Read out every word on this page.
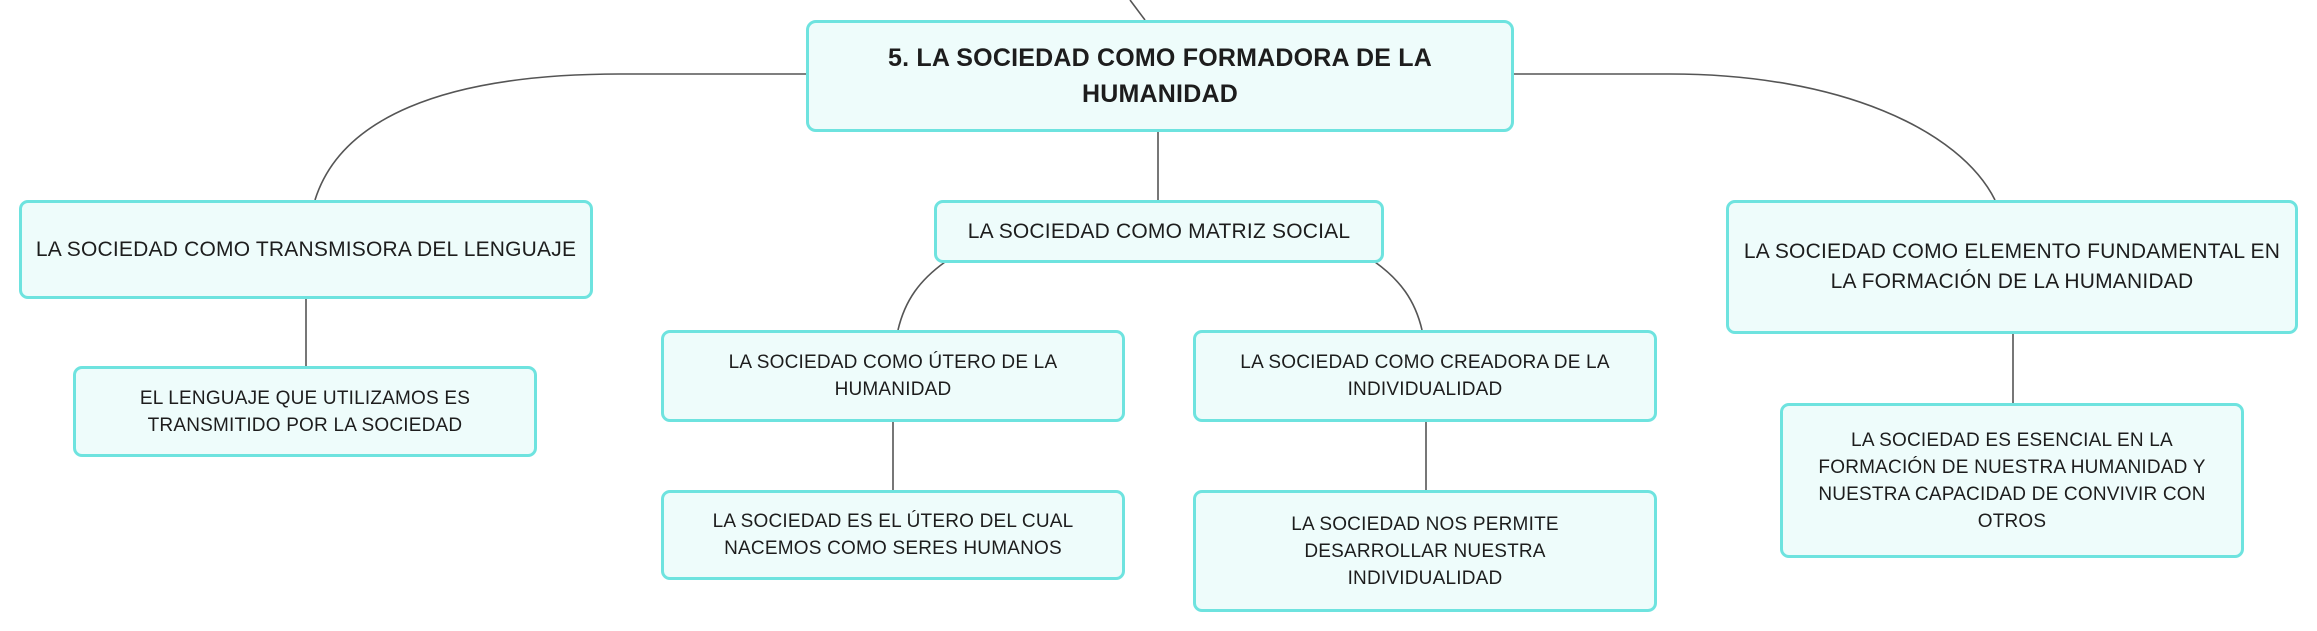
5. LA SOCIEDAD COMO FORMADORA DE LA HUMANIDAD
LA SOCIEDAD COMO TRANSMISORA DEL LENGUAJE
EL LENGUAJE QUE UTILIZAMOS ES TRANSMITIDO POR LA SOCIEDAD
LA SOCIEDAD COMO MATRIZ SOCIAL
LA SOCIEDAD COMO ÚTERO DE LA HUMANIDAD
LA SOCIEDAD COMO CREADORA DE LA INDIVIDUALIDAD
LA SOCIEDAD ES EL ÚTERO DEL CUAL NACEMOS COMO SERES HUMANOS
LA SOCIEDAD NOS PERMITE DESARROLLAR NUESTRA INDIVIDUALIDAD
LA SOCIEDAD COMO ELEMENTO FUNDAMENTAL EN LA FORMACIÓN DE LA HUMANIDAD
LA SOCIEDAD ES ESENCIAL EN LA FORMACIÓN DE NUESTRA HUMANIDAD Y NUESTRA CAPACIDAD DE CONVIVIR CON OTROS
